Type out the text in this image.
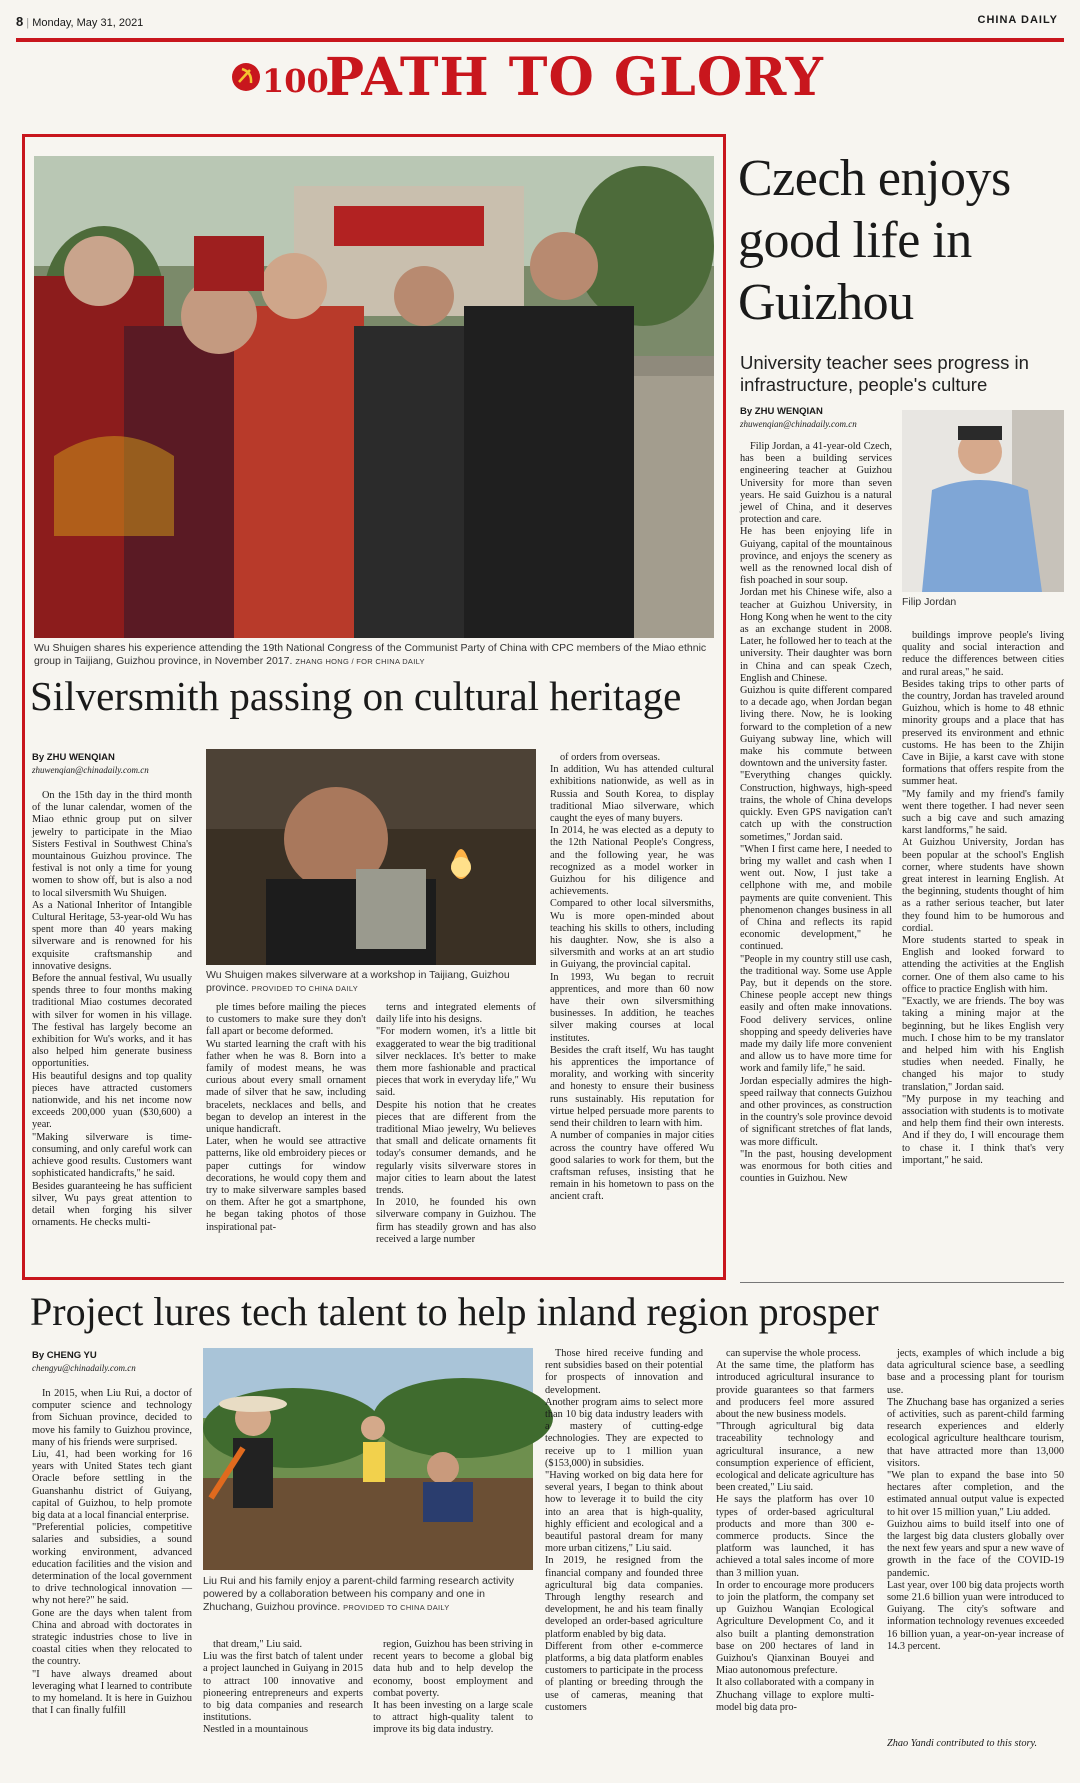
8 | Monday, May 31, 2021	CHINA DAILY
100
PATH TO GLORY
Wu Shuigen shares his experience attending the 19th National Congress of the Communist Party of China with CPC members of the Miao ethnic group in Taijiang, Guizhou province, in November 2017. ZHANG HONG / FOR CHINA DAILY
Silversmith passing on cultural heritage
By ZHU WENQIAN
zhuwenqian@chinadaily.com.cn

On the 15th day in the third month of the lunar calendar, women of the Miao ethnic group put on silver jewelry to participate in the Miao Sisters Festival in Southwest China's mountainous Guizhou province. The festival is not only a time for young women to show off, but is also a nod to local silversmith Wu Shuigen.
As a National Inheritor of Intangible Cultural Heritage, 53-year-old Wu has spent more than 40 years making silverware and is renowned for his exquisite craftsmanship and innovative designs.
Before the annual festival, Wu usually spends three to four months making traditional Miao costumes decorated with silver for women in his village. The festival has largely become an exhibition for Wu's works, and it has also helped him generate business opportunities.
His beautiful designs and top quality pieces have attracted customers nationwide, and his net income now exceeds 200,000 yuan ($30,600) a year.
"Making silverware is time-consuming, and only careful work can achieve good results. Customers want sophisticated handicrafts," he said.
Besides guaranteeing he has sufficient silver, Wu pays great attention to detail when forging his silver ornaments. He checks multi-

Wu Shuigen makes silverware at a workshop in Taijiang, Guizhou province. PROVIDED TO CHINA DAILY

ple times before mailing the pieces to customers to make sure they don't fall apart or become deformed.
Wu started learning the craft with his father when he was 8. Born into a family of modest means, he was curious about every small ornament made of silver that he saw, including bracelets, necklaces and bells, and began to develop an interest in the unique handicraft.
Later, when he would see attractive patterns, like old embroidery pieces or paper cuttings for window decorations, he would copy them and try to make silverware samples based on them. After he got a smartphone, he began taking photos of those inspirational pat-

terns and integrated elements of daily life into his designs.
"For modern women, it's a little bit exaggerated to wear the big traditional silver necklaces. It's better to make them more fashionable and practical pieces that work in everyday life," Wu said.
Despite his notion that he creates pieces that are different from the traditional Miao jewelry, Wu believes that small and delicate ornaments fit today's consumer demands, and he regularly visits silverware stores in major cities to learn about the latest trends.
In 2010, he founded his own silverware company in Guizhou. The firm has steadily grown and has also received a large number

of orders from overseas.
In addition, Wu has attended cultural exhibitions nationwide, as well as in Russia and South Korea, to display traditional Miao silverware, which caught the eyes of many buyers.
In 2014, he was elected as a deputy to the 12th National People's Congress, and the following year, he was recognized as a model worker in Guizhou for his diligence and achievements.
Compared to other local silversmiths, Wu is more open-minded about teaching his skills to others, including his daughter. Now, she is also a silversmith and works at an art studio in Guiyang, the provincial capital.
In 1993, Wu began to recruit apprentices, and more than 60 now have their own silversmithing businesses. In addition, he teaches silver making courses at local institutes.
Besides the craft itself, Wu has taught his apprentices the importance of morality, and working with sincerity and honesty to ensure their business runs sustainably. His reputation for virtue helped persuade more parents to send their children to learn with him.
A number of companies in major cities across the country have offered Wu good salaries to work for them, but the craftsman refuses, insisting that he remain in his hometown to pass on the ancient craft.

Czech enjoys good life in Guizhou
University teacher sees progress in infrastructure, people's culture
By ZHU WENQIAN
zhuwenqian@chinadaily.com.cn
Filip Jordan

Filip Jordan, a 41-year-old Czech, has been a building services engineering teacher at Guizhou University for more than seven years. He said Guizhou is a natural jewel of China, and it deserves protection and care.
He has been enjoying life in Guiyang, capital of the mountainous province, and enjoys the scenery as well as the renowned local dish of fish poached in sour soup.
Jordan met his Chinese wife, also a teacher at Guizhou University, in Hong Kong when he went to the city as an exchange student in 2008. Later, he followed her to teach at the university. Their daughter was born in China and can speak Czech, English and Chinese.
Guizhou is quite different compared to a decade ago, when Jordan began living there. Now, he is looking forward to the completion of a new Guiyang subway line, which will make his commute between downtown and the university faster.
"Everything changes quickly. Construction, highways, high-speed trains, the whole of China develops quickly. Even GPS navigation can't catch up with the construction sometimes," Jordan said.
"When I first came here, I needed to bring my wallet and cash when I went out. Now, I just take a cellphone with me, and mobile payments are quite convenient. This phenomenon changes business in all of China and reflects its rapid economic development," he continued.
"People in my country still use cash, the traditional way. Some use Apple Pay, but it depends on the store. Chinese people accept new things easily and often make innovations. Food delivery services, online shopping and speedy deliveries have made my daily life more convenient and allow us to have more time for work and family life," he said.
Jordan especially admires the high-speed railway that connects Guizhou and other provinces, as construction in the country's sole province devoid of significant stretches of flat lands, was more difficult.
"In the past, housing development was enormous for both cities and counties in Guizhou. New

buildings improve people's living quality and social interaction and reduce the differences between cities and rural areas," he said.
Besides taking trips to other parts of the country, Jordan has traveled around Guizhou, which is home to 48 ethnic minority groups and a place that has preserved its environment and ethnic customs. He has been to the Zhijin Cave in Bijie, a karst cave with stone formations that offers respite from the summer heat.
"My family and my friend's family went there together. I had never seen such a big cave and such amazing karst landforms," he said.
At Guizhou University, Jordan has been popular at the school's English corner, where students have shown great interest in learning English. At the beginning, students thought of him as a rather serious teacher, but later they found him to be humorous and cordial.
More students started to speak in English and looked forward to attending the activities at the English corner. One of them also came to his office to practice English with him.
"Exactly, we are friends. The boy was taking a mining major at the beginning, but he likes English very much. I chose him to be my translator and helped him with his English studies when needed. Finally, he changed his major to study translation," Jordan said.
"My purpose in my teaching and association with students is to motivate and help them find their own interests. And if they do, I will encourage them to chase it. I think that's very important," he said.

Project lures tech talent to help inland region prosper
By CHENG YU
chengyu@chinadaily.com.cn

In 2015, when Liu Rui, a doctor of computer science and technology from Sichuan province, decided to move his family to Guizhou province, many of his friends were surprised.
Liu, 41, had been working for 16 years with United States tech giant Oracle before settling in the Guanshanhu district of Guiyang, capital of Guizhou, to help promote big data at a local financial enterprise.
"Preferential policies, competitive salaries and subsidies, a sound working environment, advanced education facilities and the vision and determination of the local government to drive technological innovation — why not here?" he said.
Gone are the days when talent from China and abroad with doctorates in strategic industries chose to live in coastal cities when they relocated to the country.
"I have always dreamed about leveraging what I learned to contribute to my homeland. It is here in Guizhou that I can finally fulfill

Liu Rui and his family enjoy a parent-child farming research activity powered by a collaboration between his company and one in Zhuchang, Guizhou province. PROVIDED TO CHINA DAILY

that dream," Liu said.
Liu was the first batch of talent under a project launched in Guiyang in 2015 to attract 100 innovative and pioneering entrepreneurs and experts to big data companies and research institutions.
Nestled in a mountainous

region, Guizhou has been striving in recent years to become a global big data hub and to help develop the economy, boost employment and combat poverty.
It has been investing on a large scale to attract high-quality talent to improve its big data industry.

Those hired receive funding and rent subsidies based on their potential for prospects of innovation and development.
Another program aims to select more than 10 big data industry leaders with a mastery of cutting-edge technologies. They are expected to receive up to 1 million yuan ($153,000) in subsidies.
"Having worked on big data here for several years, I began to think about how to leverage it to build the city into an area that is high-quality, highly efficient and ecological and a beautiful pastoral dream for many more urban citizens," Liu said.
In 2019, he resigned from the financial company and founded three agricultural big data companies. Through lengthy research and development, he and his team finally developed an order-based agriculture platform enabled by big data.
Different from other e-commerce platforms, a big data platform enables customers to participate in the process of planting or breeding through the use of cameras, meaning that customers

can supervise the whole process.
At the same time, the platform has introduced agricultural insurance to provide guarantees so that farmers and producers feel more assured about the new business models.
"Through agricultural big data traceability technology and agricultural insurance, a new consumption experience of efficient, ecological and delicate agriculture has been created," Liu said.
He says the platform has over 10 types of order-based agricultural products and more than 300 e-commerce products. Since the platform was launched, it has achieved a total sales income of more than 3 million yuan.
In order to encourage more producers to join the platform, the company set up Guizhou Wanqian Ecological Agriculture Development Co, and it also built a planting demonstration base on 200 hectares of land in Guizhou's Qianxinan Bouyei and Miao autonomous prefecture.
It also collaborated with a company in Zhuchang village to explore multi-model big data pro-

jects, examples of which include a big data agricultural science base, a seedling base and a processing plant for tourism use.
The Zhuchang base has organized a series of activities, such as parent-child farming research experiences and elderly ecological agriculture healthcare tourism, that have attracted more than 13,000 visitors.
"We plan to expand the base into 50 hectares after completion, and the estimated annual output value is expected to hit over 15 million yuan," Liu added.
Guizhou aims to build itself into one of the largest big data clusters globally over the next few years and spur a new wave of growth in the face of the COVID-19 pandemic.
Last year, over 100 big data projects worth some 21.6 billion yuan were introduced to Guiyang. The city's software and information technology revenues exceeded 16 billion yuan, a year-on-year increase of 14.3 percent.

Zhao Yandi contributed to this story.
